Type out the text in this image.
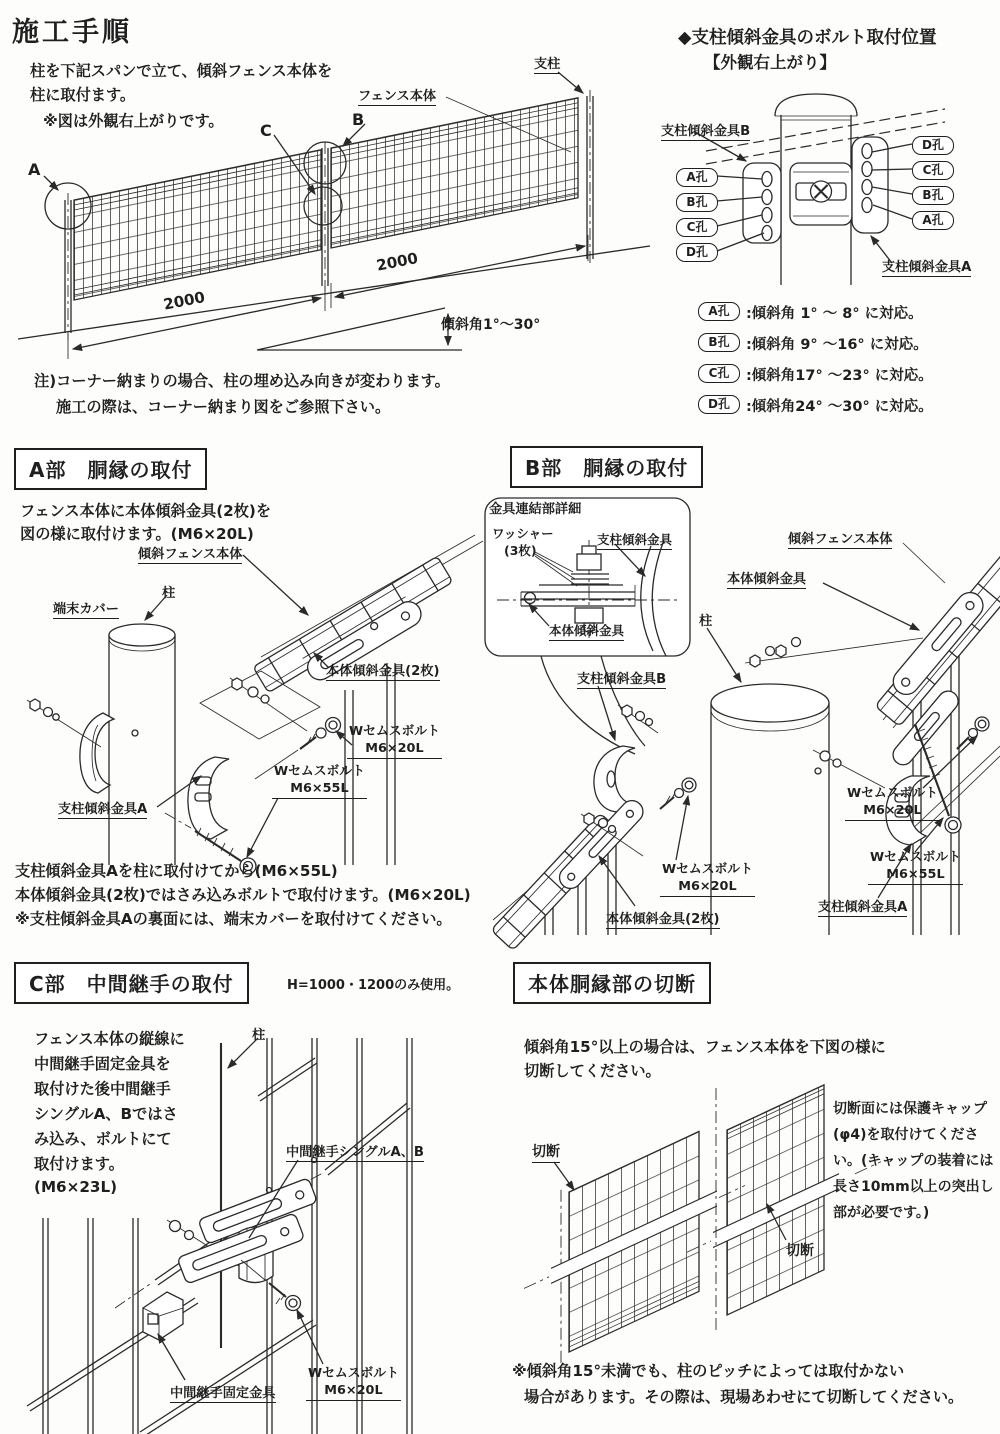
施工手順
柱を下記スパンで立て、傾斜フェンス本体を
柱に取付ます。
※図は外観右上がりです。
A
B
C
フェンス本体
支柱
2000
2000
傾斜角1°～30°
注)コーナー納まりの場合、柱の埋め込み向きが変わります。
施工の際は、コーナー納まり図をご参照下さい。
◆支柱傾斜金具のボルト取付位置
【外観右上がり】
支柱傾斜金具B
支柱傾斜金具A
A孔
B孔
C孔
D孔
D孔
C孔
B孔
A孔
A孔	:傾斜角 1° ～ 8° に対応。
B孔	:傾斜角 9° ～16° に対応。
C孔	:傾斜角17° ～23° に対応。
D孔	:傾斜角24° ～30° に対応。
A部　胴縁の取付
フェンス本体に本体傾斜金具(2枚)を
図の様に取付けます。(M6×20L)
傾斜フェンス本体
柱
端末カバー
本体傾斜金具(2枚)
Wセムスボルト
M6×20L
Wセムスボルト
M6×55L
支柱傾斜金具A
支柱傾斜金具Aを柱に取付けてから(M6×55L)
本体傾斜金具(2枚)ではさみ込みボルトで取付けます。(M6×20L)
※支柱傾斜金具Aの裏面には、端末カバーを取付けてください。
B部　胴縁の取付
金具連結部詳細
ワッシャー
(3枚)
支柱傾斜金具
本体傾斜金具
傾斜フェンス本体
本体傾斜金具
柱
支柱傾斜金具B
Wセムスボルト
M6×20L
Wセムスボルト
M6×55L
支柱傾斜金具A
Wセムスボルト
M6×20L
本体傾斜金具(2枚)
C部　中間継手の取付	H=1000・1200のみ使用。
フェンス本体の縦線に
中間継手固定金具を
取付けた後中間継手
シングルA、Bではさ
み込み、ボルトにて
取付けます。
(M6×23L)
柱
中間継手シングルA、B
中間継手固定金具
Wセムスボルト
M6×20L
本体胴縁部の切断
傾斜角15°以上の場合は、フェンス本体を下図の様に
切断してください。
切断
切断
切断面には保護キャップ
(φ4)を取付けてくださ
い。(キャップの装着には
長さ10mm以上の突出し
部が必要です。)
※傾斜角15°未満でも、柱のピッチによっては取付かない
場合があります。その際は、現場あわせにて切断してください。
